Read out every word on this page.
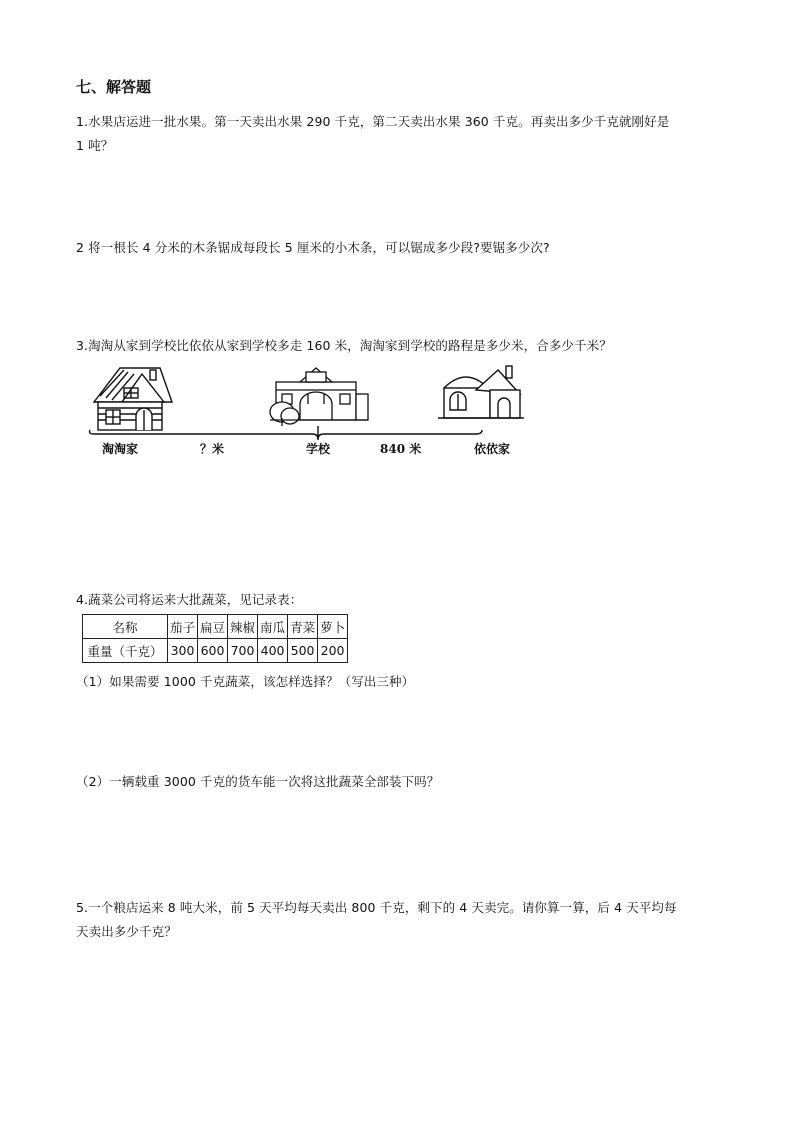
七、解答题
1.水果店运进一批水果。第一天卖出水果 290 千克，第二天卖出水果 360 千克。再卖出多少千克就刚好是
1 吨？
2 将一根长 4 分米的木条锯成每段长 5 厘米的小木条，可以锯成多少段?要锯多少次?
3.淘淘从家到学校比依依从家到学校多走 160 米，淘淘家到学校的路程是多少米，合多少千米？
淘淘家	？米	学校	840 米	依依家
4.蔬菜公司将运来大批蔬菜，见记录表：
名称	茄子	扁豆	辣椒	南瓜	青菜	萝卜
重量（千克）	300	600	700	400	500	200
（1）如果需要 1000 千克蔬菜，该怎样选择？（写出三种）
（2）一辆载重 3000 千克的货车能一次将这批蔬菜全部装下吗？
5.一个粮店运来 8 吨大米，前 5 天平均每天卖出 800 千克，剩下的 4 天卖完。请你算一算，后 4 天平均每
天卖出多少千克？
